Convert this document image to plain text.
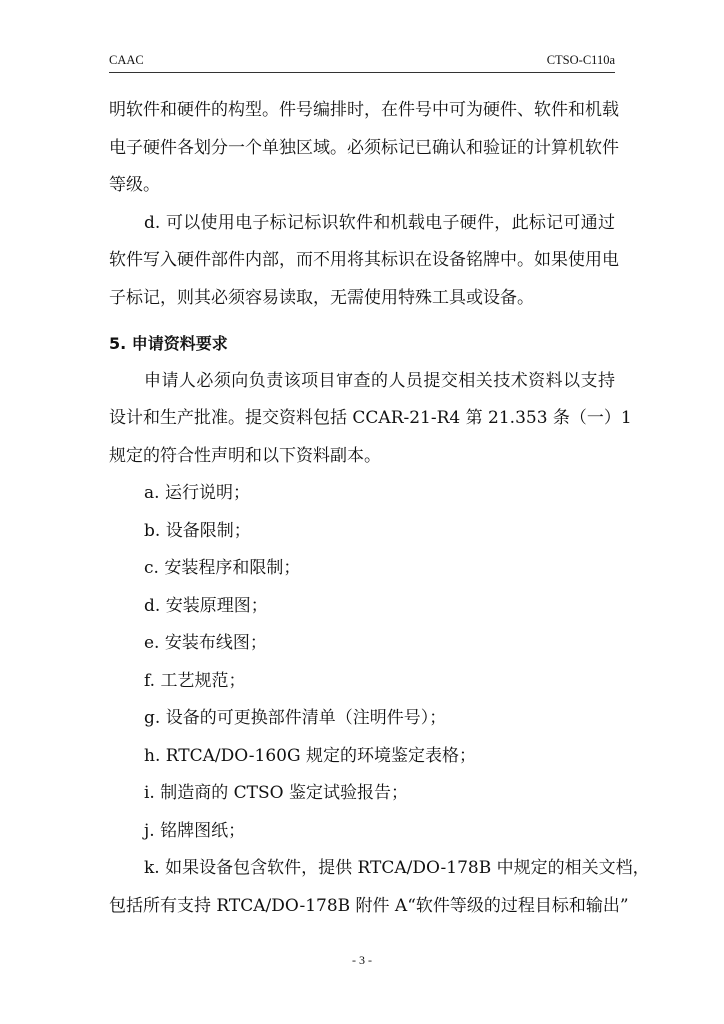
CAAC	CTSO-C110a
明软件和硬件的构型。件号编排时，在件号中可为硬件、软件和机载
电子硬件各划分一个单独区域。必须标记已确认和验证的计算机软件
等级。
d. 可以使用电子标记标识软件和机载电子硬件，此标记可通过
软件写入硬件部件内部，而不用将其标识在设备铭牌中。如果使用电
子标记，则其必须容易读取，无需使用特殊工具或设备。
5. 申请资料要求
申请人必须向负责该项目审查的人员提交相关技术资料以支持
设计和生产批准。提交资料包括 CCAR-21-R4 第 21.353 条（一）1
规定的符合性声明和以下资料副本。
a. 运行说明；
b. 设备限制；
c. 安装程序和限制；
d. 安装原理图；
e. 安装布线图；
f. 工艺规范；
g. 设备的可更换部件清单（注明件号）；
h. RTCA/DO-160G 规定的环境鉴定表格；
i. 制造商的 CTSO 鉴定试验报告；
j. 铭牌图纸；
k. 如果设备包含软件，提供 RTCA/DO-178B 中规定的相关文档，
包括所有支持 RTCA/DO-178B 附件 A“软件等级的过程目标和输出”
- 3 -
